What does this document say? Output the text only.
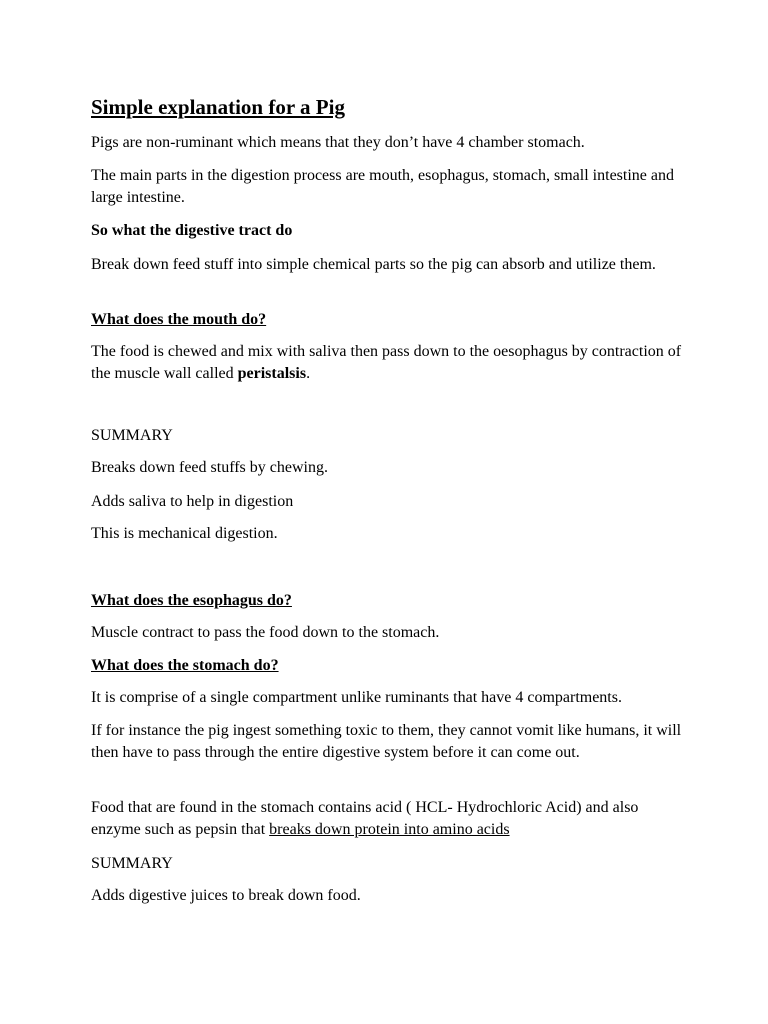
Simple explanation for a Pig

Pigs are non-ruminant which means that they don’t have 4 chamber stomach.

The main parts in the digestion process are mouth, esophagus, stomach, small intestine and large intestine.

So what the digestive tract do

Break down feed stuff into simple chemical parts so the pig can absorb and utilize them.

What does the mouth do?

The food is chewed and mix with saliva then pass down to the oesophagus by contraction of the muscle wall called peristalsis.

SUMMARY

Breaks down feed stuffs by chewing.

Adds saliva to help in digestion

This is mechanical digestion.

What does the esophagus do?

Muscle contract to pass the food down to the stomach.

What does the stomach do?

It is comprise of a single compartment unlike ruminants that have 4 compartments.

If for instance the pig ingest something toxic to them, they cannot vomit like humans, it will then have to pass through the entire digestive system before it can come out.

Food that are found in the stomach contains acid ( HCL- Hydrochloric Acid) and also enzyme such as pepsin that breaks down protein into amino acids

SUMMARY

Adds digestive juices to break down food.
